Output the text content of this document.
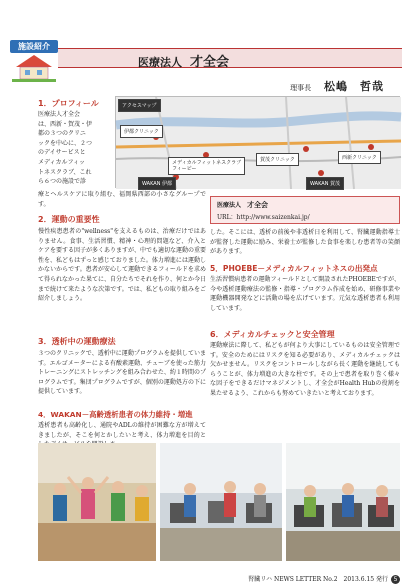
施設紹介
医療法人 才全会
理事長 松嶋　哲哉
1．プロフィール
医療法人才全会
は、西新・賀茂・伊
都の３つのクリニ
ックを中心に、２つ
のデイサービスと
メディカルフィッ
トネスクラブ、これ
ら６つの施設で診
療とヘルスケアに取り組む、福岡県西部の小さなグループです。
アクセスマップ
伊都クリニック
メディカルフィットネスクラブ
フィービー
賀茂クリニック	西新クリニック
WAKAN 伊都	WAKAN 賀茂
医療法人 才全会
URL：http://www.saizenkai.jp/
2．運動の重要性
慢性疾患患者の"wellness"を支えるものは、治療だけではありません。食事、生活習慣、精神・心理的問題など、介入とケアを要する因子が多くありますが、中でも適切な運動の重要性を、私どもはずっと感じておりました。体力増進には運動しかないからです。患者が安心して運動できるフィールドを求めて得られなかった果てに、自分たちでそれを作り、何とか今日まで続けて来たような次第です。では、私どもの取り組みをご紹介しましょう。
3．透析中の運動療法
３つのクリニックで、透析中に運動プログラムを提供しています。エルゴメーターによる有酸素運動、チューブを使った筋力トレーニングにストレッチングを組み合わせた、約１時間のプログラムです。集団プログラムですが、個別の運動処方の下に提供しています。
4．WAKAN－高齢透析患者の体力維持・増進
透析患者も高齢化し、通院やADLの維持が困難な方が増えてきましたが、そこを何とかしたいと考え、体力増進を目的と
した。そこには、透析の前後や非透析日を利用して、腎臓運動指導士が監督した運動に励み、栄養士が監修した食事を楽しむ患者等の笑顔があります。
5．PHOEBE－メディカルフィットネスの出発点
生活習慣病患者の運動フィールドとして開設されたPHOEBEですが、今や透析運動療法の監修・指導・プログラム作成を始め、研修事業や運動機器開発などに活動の場を広げています。元気な透析患者も利用しています。
6．メディカルチェックと安全管理
運動療法に際して、私どもが何より大事にしているものは安全管理です。安全のためにはリスクを知る必要があり、メディカルチェックは欠かせません。リスクをコントロールしながら長く運動を継続してもらうことが、体力増進の大きな柱です。その上で患者を取り巻く様々な因子をできるだけマネジメントし、才全会がHealth Hubの役割を果たせるよう、これからも努めていきたいと考えております。
腎臓リハ NEWS LETTER No.2　2013.6.15 発行 5
